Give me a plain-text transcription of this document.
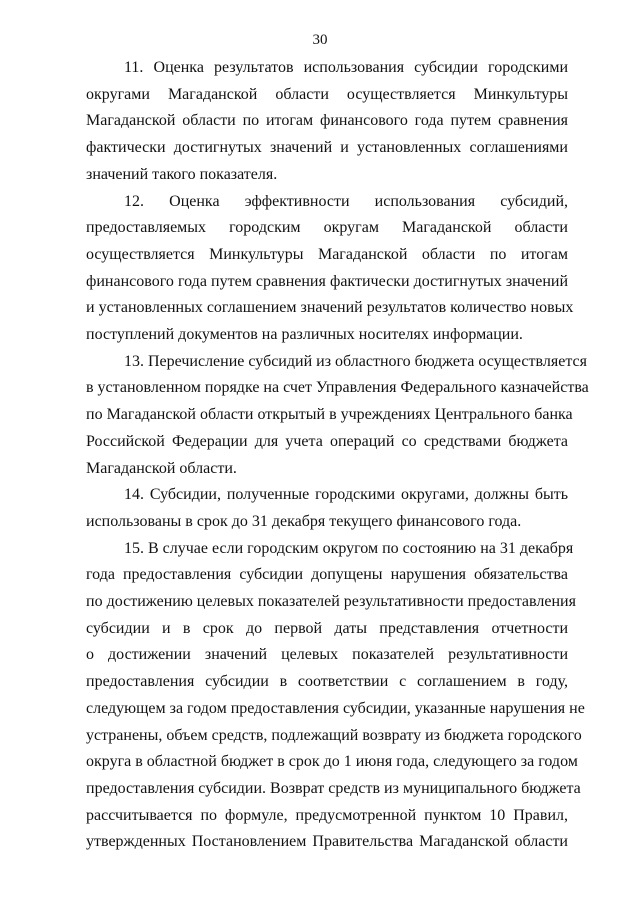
30
11. Оценка результатов использования субсидии городскими
округами Магаданской области осуществляется Минкультуры
Магаданской области по итогам финансового года путем сравнения
фактически достигнутых значений и установленных соглашениями
значений такого показателя.
12. Оценка эффективности использования субсидий,
предоставляемых городским округам Магаданской области
осуществляется Минкультуры Магаданской области по итогам
финансового года путем сравнения фактически достигнутых значений
и установленных соглашением значений результатов количество новых
поступлений документов на различных носителях информации.
13. Перечисление субсидий из областного бюджета осуществляется
в установленном порядке на счет Управления Федерального казначейства
по Магаданской области открытый в учреждениях Центрального банка
Российской Федерации для учета операций со средствами бюджета
Магаданской области.
14. Субсидии, полученные городскими округами, должны быть
использованы в срок до 31 декабря текущего финансового года.
15. В случае если городским округом по состоянию на 31 декабря
года предоставления субсидии допущены нарушения обязательства
по достижению целевых показателей результативности предоставления
субсидии и в срок до первой даты представления отчетности
о достижении значений целевых показателей результативности
предоставления субсидии в соответствии с соглашением в году,
следующем за годом предоставления субсидии, указанные нарушения не
устранены, объем средств, подлежащий возврату из бюджета городского
округа в областной бюджет в срок до 1 июня года, следующего за годом
предоставления субсидии. Возврат средств из муниципального бюджета
рассчитывается по формуле, предусмотренной пунктом 10 Правил,
утвержденных Постановлением Правительства Магаданской области
